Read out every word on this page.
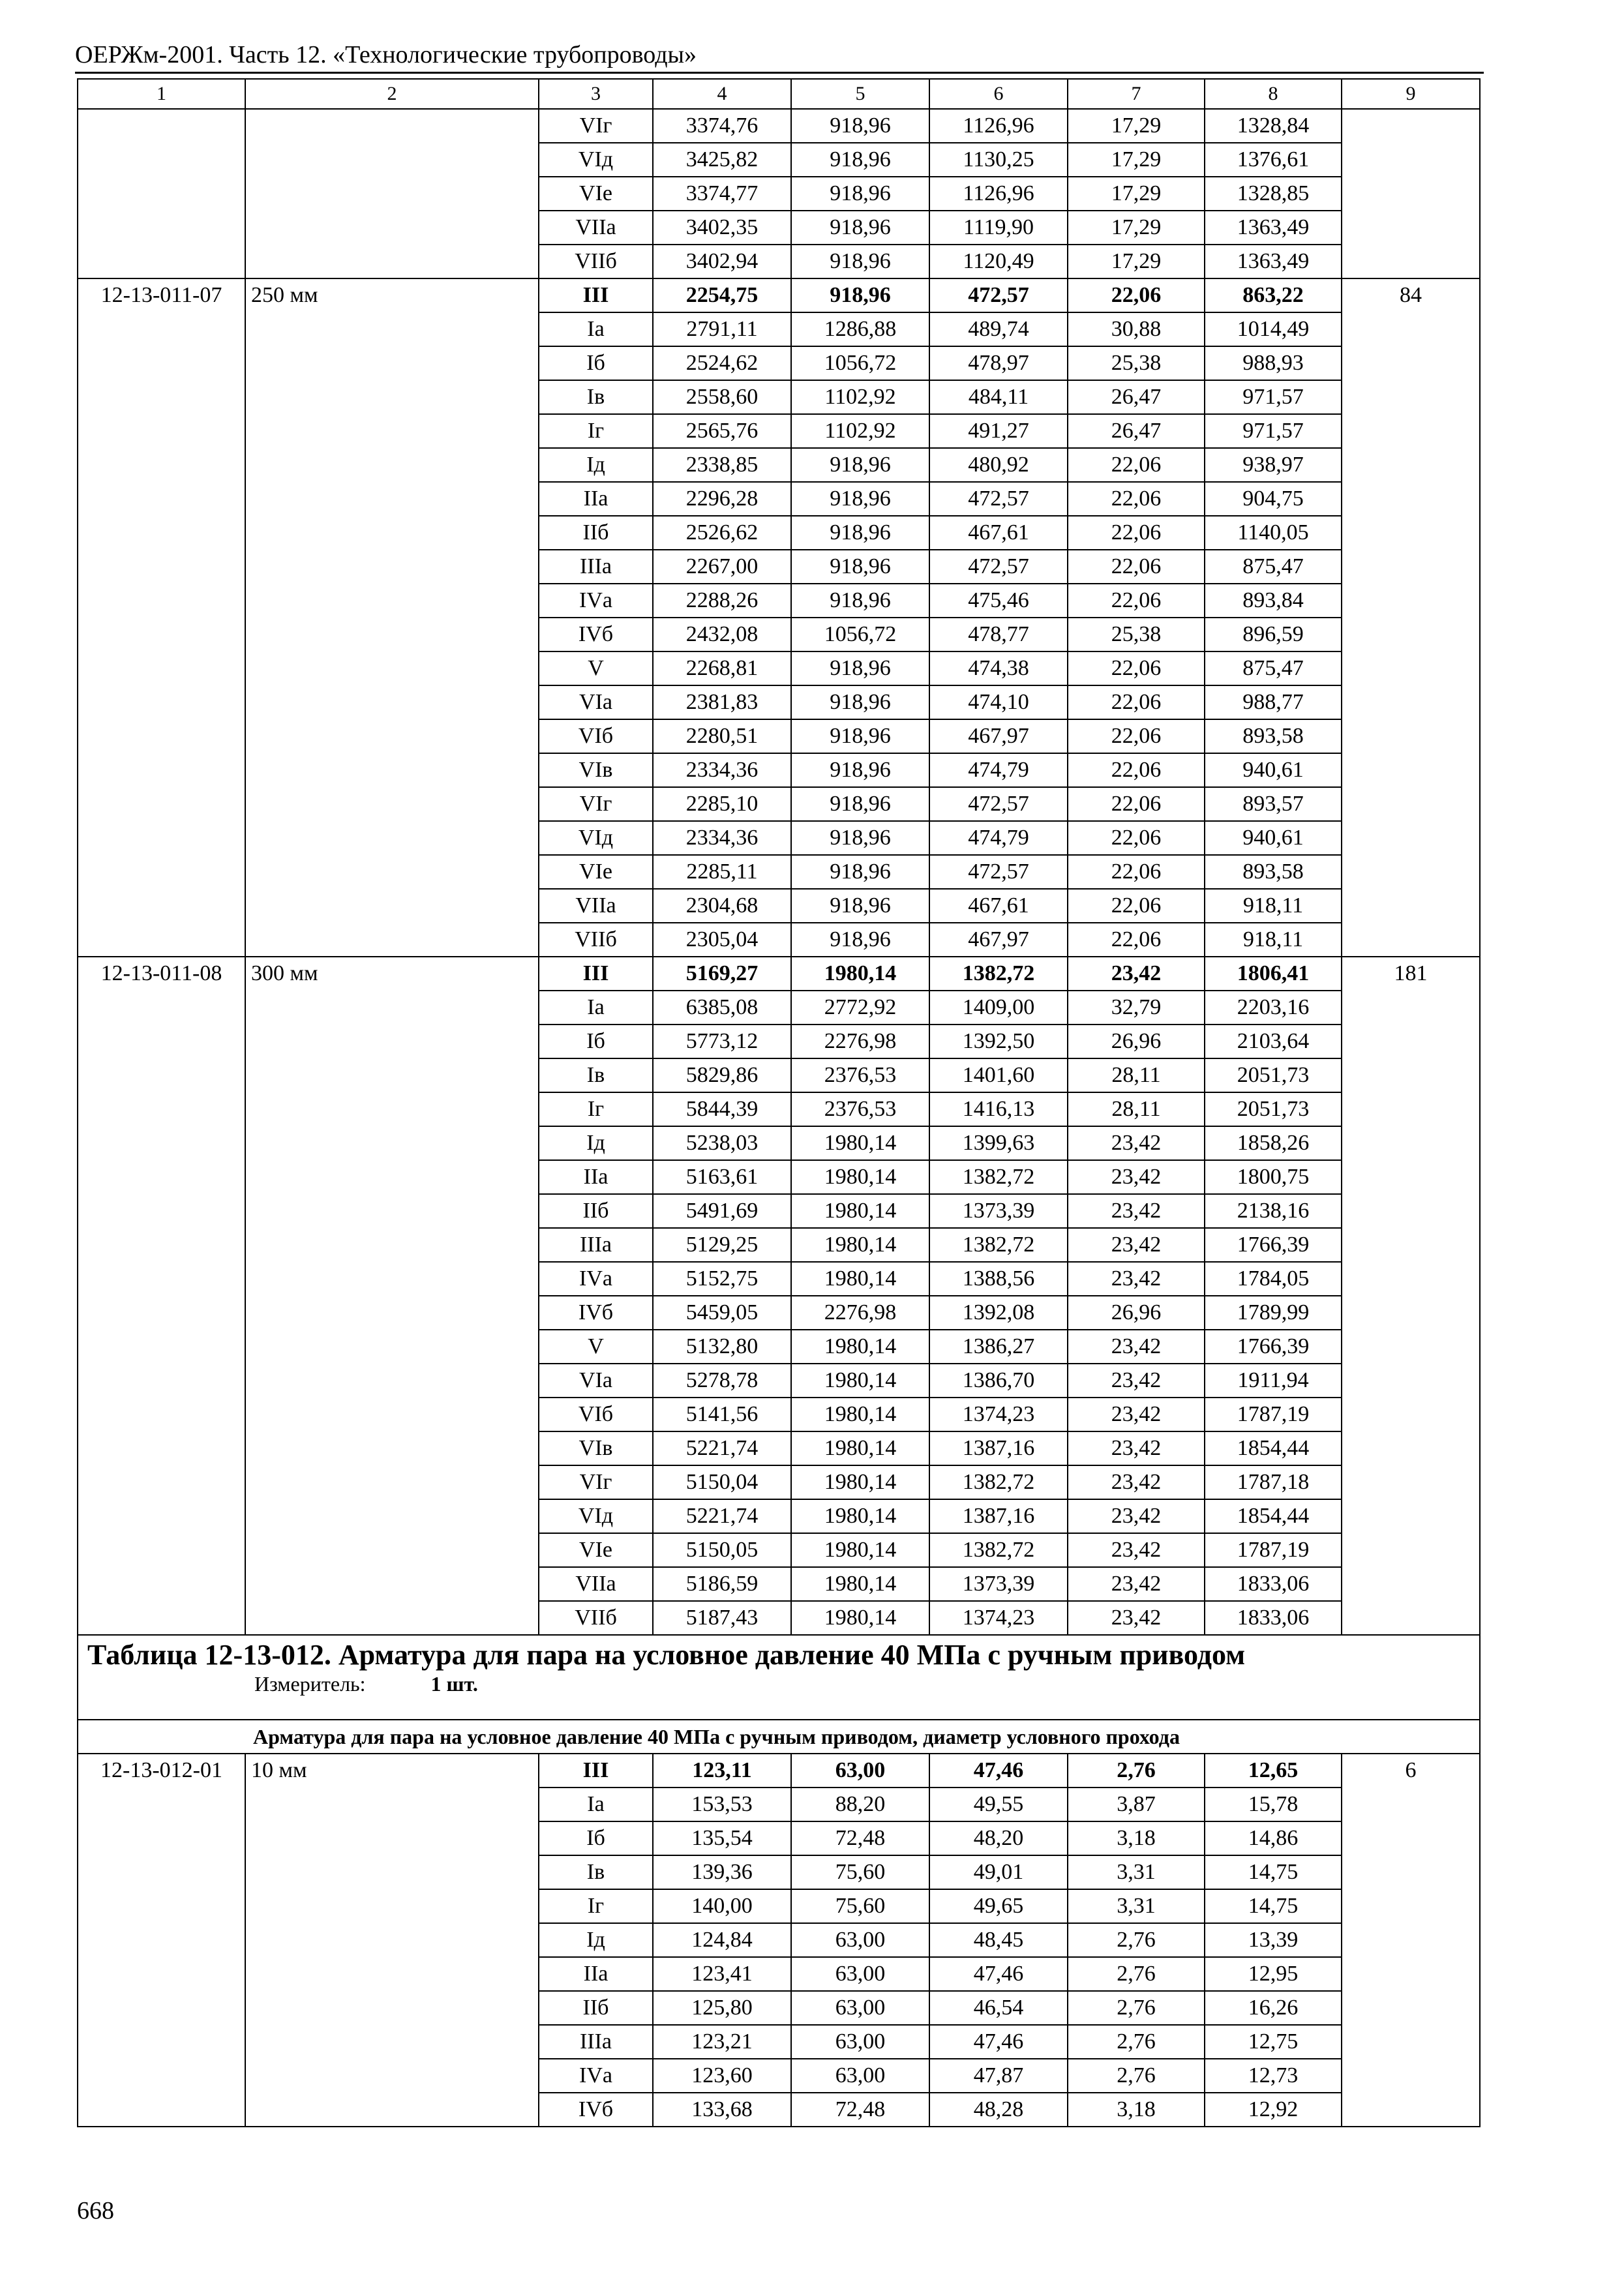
ОЕРЖм-2001. Часть 12. «Технологические трубопроводы»
1	2	3	4	5	6	7	8	9
		VIг	3374,76	918,96	1126,96	17,29	1328,84	
		VIд	3425,82	918,96	1130,25	17,29	1376,61	
		VIе	3374,77	918,96	1126,96	17,29	1328,85	
		VIIа	3402,35	918,96	1119,90	17,29	1363,49	
		VIIб	3402,94	918,96	1120,49	17,29	1363,49	
12-13-011-07	250 мм	III	2254,75	918,96	472,57	22,06	863,22	84
		Iа	2791,11	1286,88	489,74	30,88	1014,49	
		Iб	2524,62	1056,72	478,97	25,38	988,93	
		Iв	2558,60	1102,92	484,11	26,47	971,57	
		Iг	2565,76	1102,92	491,27	26,47	971,57	
		Iд	2338,85	918,96	480,92	22,06	938,97	
		IIа	2296,28	918,96	472,57	22,06	904,75	
		IIб	2526,62	918,96	467,61	22,06	1140,05	
		IIIа	2267,00	918,96	472,57	22,06	875,47	
		IVа	2288,26	918,96	475,46	22,06	893,84	
		IVб	2432,08	1056,72	478,77	25,38	896,59	
		V	2268,81	918,96	474,38	22,06	875,47	
		VIа	2381,83	918,96	474,10	22,06	988,77	
		VIб	2280,51	918,96	467,97	22,06	893,58	
		VIв	2334,36	918,96	474,79	22,06	940,61	
		VIг	2285,10	918,96	472,57	22,06	893,57	
		VIд	2334,36	918,96	474,79	22,06	940,61	
		VIе	2285,11	918,96	472,57	22,06	893,58	
		VIIа	2304,68	918,96	467,61	22,06	918,11	
		VIIб	2305,04	918,96	467,97	22,06	918,11	
12-13-011-08	300 мм	III	5169,27	1980,14	1382,72	23,42	1806,41	181
		Iа	6385,08	2772,92	1409,00	32,79	2203,16	
		Iб	5773,12	2276,98	1392,50	26,96	2103,64	
		Iв	5829,86	2376,53	1401,60	28,11	2051,73	
		Iг	5844,39	2376,53	1416,13	28,11	2051,73	
		Iд	5238,03	1980,14	1399,63	23,42	1858,26	
		IIа	5163,61	1980,14	1382,72	23,42	1800,75	
		IIб	5491,69	1980,14	1373,39	23,42	2138,16	
		IIIа	5129,25	1980,14	1382,72	23,42	1766,39	
		IVа	5152,75	1980,14	1388,56	23,42	1784,05	
		IVб	5459,05	2276,98	1392,08	26,96	1789,99	
		V	5132,80	1980,14	1386,27	23,42	1766,39	
		VIа	5278,78	1980,14	1386,70	23,42	1911,94	
		VIб	5141,56	1980,14	1374,23	23,42	1787,19	
		VIв	5221,74	1980,14	1387,16	23,42	1854,44	
		VIг	5150,04	1980,14	1382,72	23,42	1787,18	
		VIд	5221,74	1980,14	1387,16	23,42	1854,44	
		VIе	5150,05	1980,14	1382,72	23,42	1787,19	
		VIIа	5186,59	1980,14	1373,39	23,42	1833,06	
		VIIб	5187,43	1980,14	1374,23	23,42	1833,06	

Таблица 12-13-012. Арматура для пара на условное давление 40 МПа с ручным приводом
Измеритель: 1 шт.								

Арматура для пара на условное давление 40 МПа с ручным приводом, диаметр условного прохода								
12-13-012-01	10 мм	III	123,11	63,00	47,46	2,76	12,65	6
		Iа	153,53	88,20	49,55	3,87	15,78	
		Iб	135,54	72,48	48,20	3,18	14,86	
		Iв	139,36	75,60	49,01	3,31	14,75	
		Iг	140,00	75,60	49,65	3,31	14,75	
		Iд	124,84	63,00	48,45	2,76	13,39	
		IIа	123,41	63,00	47,46	2,76	12,95	
		IIб	125,80	63,00	46,54	2,76	16,26	
		IIIа	123,21	63,00	47,46	2,76	12,75	
		IVа	123,60	63,00	47,87	2,76	12,73	
		IVб	133,68	72,48	48,28	3,18	12,92	
668
